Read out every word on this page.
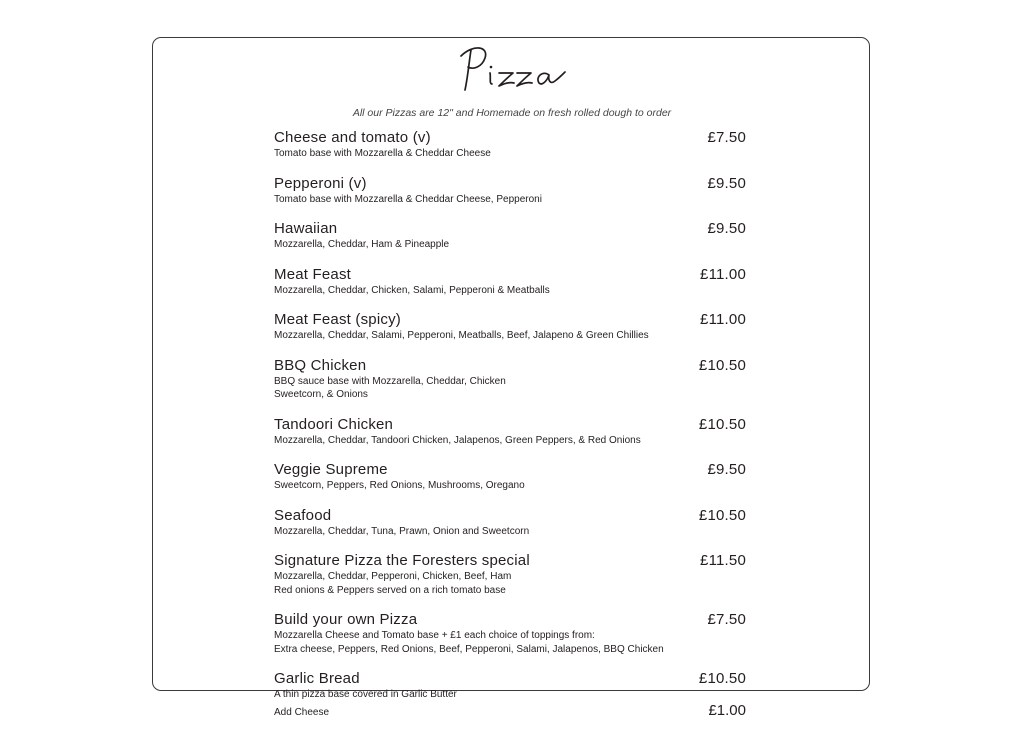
Pizza
All our Pizzas are 12" and Homemade on fresh rolled dough to order
Cheese and tomato (v)	£7.50
Tomato base with Mozzarella & Cheddar Cheese
Pepperoni (v)	£9.50
Tomato base with Mozzarella & Cheddar Cheese, Pepperoni
Hawaiian	£9.50
Mozzarella, Cheddar, Ham & Pineapple
Meat Feast	£11.00
Mozzarella, Cheddar, Chicken, Salami, Pepperoni & Meatballs
Meat Feast (spicy)	£11.00
Mozzarella, Cheddar, Salami, Pepperoni, Meatballs, Beef, Jalapeno & Green Chillies
BBQ Chicken	£10.50
BBQ sauce base with Mozzarella, Cheddar, Chicken
Sweetcorn, & Onions
Tandoori Chicken	£10.50
Mozzarella, Cheddar, Tandoori Chicken, Jalapenos, Green Peppers, & Red Onions
Veggie Supreme	£9.50
Sweetcorn, Peppers, Red Onions, Mushrooms, Oregano
Seafood	£10.50
Mozzarella, Cheddar, Tuna, Prawn, Onion and Sweetcorn
Signature Pizza the Foresters special	£11.50
Mozzarella, Cheddar, Pepperoni, Chicken, Beef, Ham
Red onions & Peppers served on a rich tomato base
Build your own Pizza	£7.50
Mozzarella Cheese and Tomato base + £1 each choice of toppings from:
Extra cheese, Peppers, Red Onions, Beef, Pepperoni, Salami, Jalapenos, BBQ Chicken
Garlic Bread	£10.50
A thin pizza base covered in Garlic Butter
Add Cheese	£1.00
